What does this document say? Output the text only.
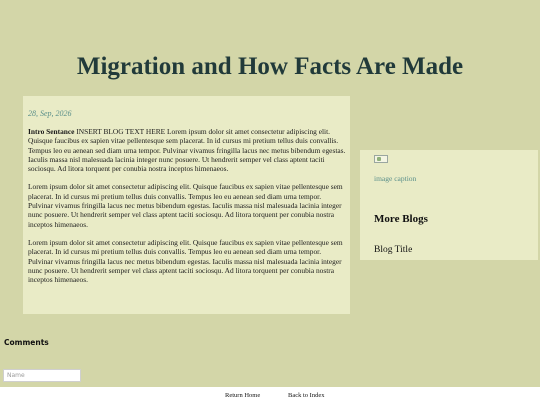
Migration and How Facts Are Made
28, Sep, 2026

Intro Sentance INSERT BLOG TEXT HERE Lorem ipsum dolor sit amet consectetur adipiscing elit. Quisque faucibus ex sapien vitae pellentesque sem placerat. In id cursus mi pretium tellus duis convallis. Tempus leo eu aenean sed diam urna tempor. Pulvinar vivamus fringilla lacus nec metus bibendum egestas. Iaculis massa nisl malesuada lacinia integer nunc posuere. Ut hendrerit semper vel class aptent taciti sociosqu. Ad litora torquent per conubia nostra inceptos himenaeos.

Lorem ipsum dolor sit amet consectetur adipiscing elit. Quisque faucibus ex sapien vitae pellentesque sem placerat. In id cursus mi pretium tellus duis convallis. Tempus leo eu aenean sed diam urna tempor. Pulvinar vivamus fringilla lacus nec metus bibendum egestas. Iaculis massa nisl malesuada lacinia integer nunc posuere. Ut hendrerit semper vel class aptent taciti sociosqu. Ad litora torquent per conubia nostra inceptos himenaeos.

Lorem ipsum dolor sit amet consectetur adipiscing elit. Quisque faucibus ex sapien vitae pellentesque sem placerat. In id cursus mi pretium tellus duis convallis. Tempus leo eu aenean sed diam urna tempor. Pulvinar vivamus fringilla lacus nec metus bibendum egestas. Iaculis massa nisl malesuada lacinia integer nunc posuere. Ut hendrerit semper vel class aptent taciti sociosqu. Ad litora torquent per conubia nostra inceptos himenaeos.

image caption
More Blogs
Blog Title
Comments
Name
Return Home	Back to Index
